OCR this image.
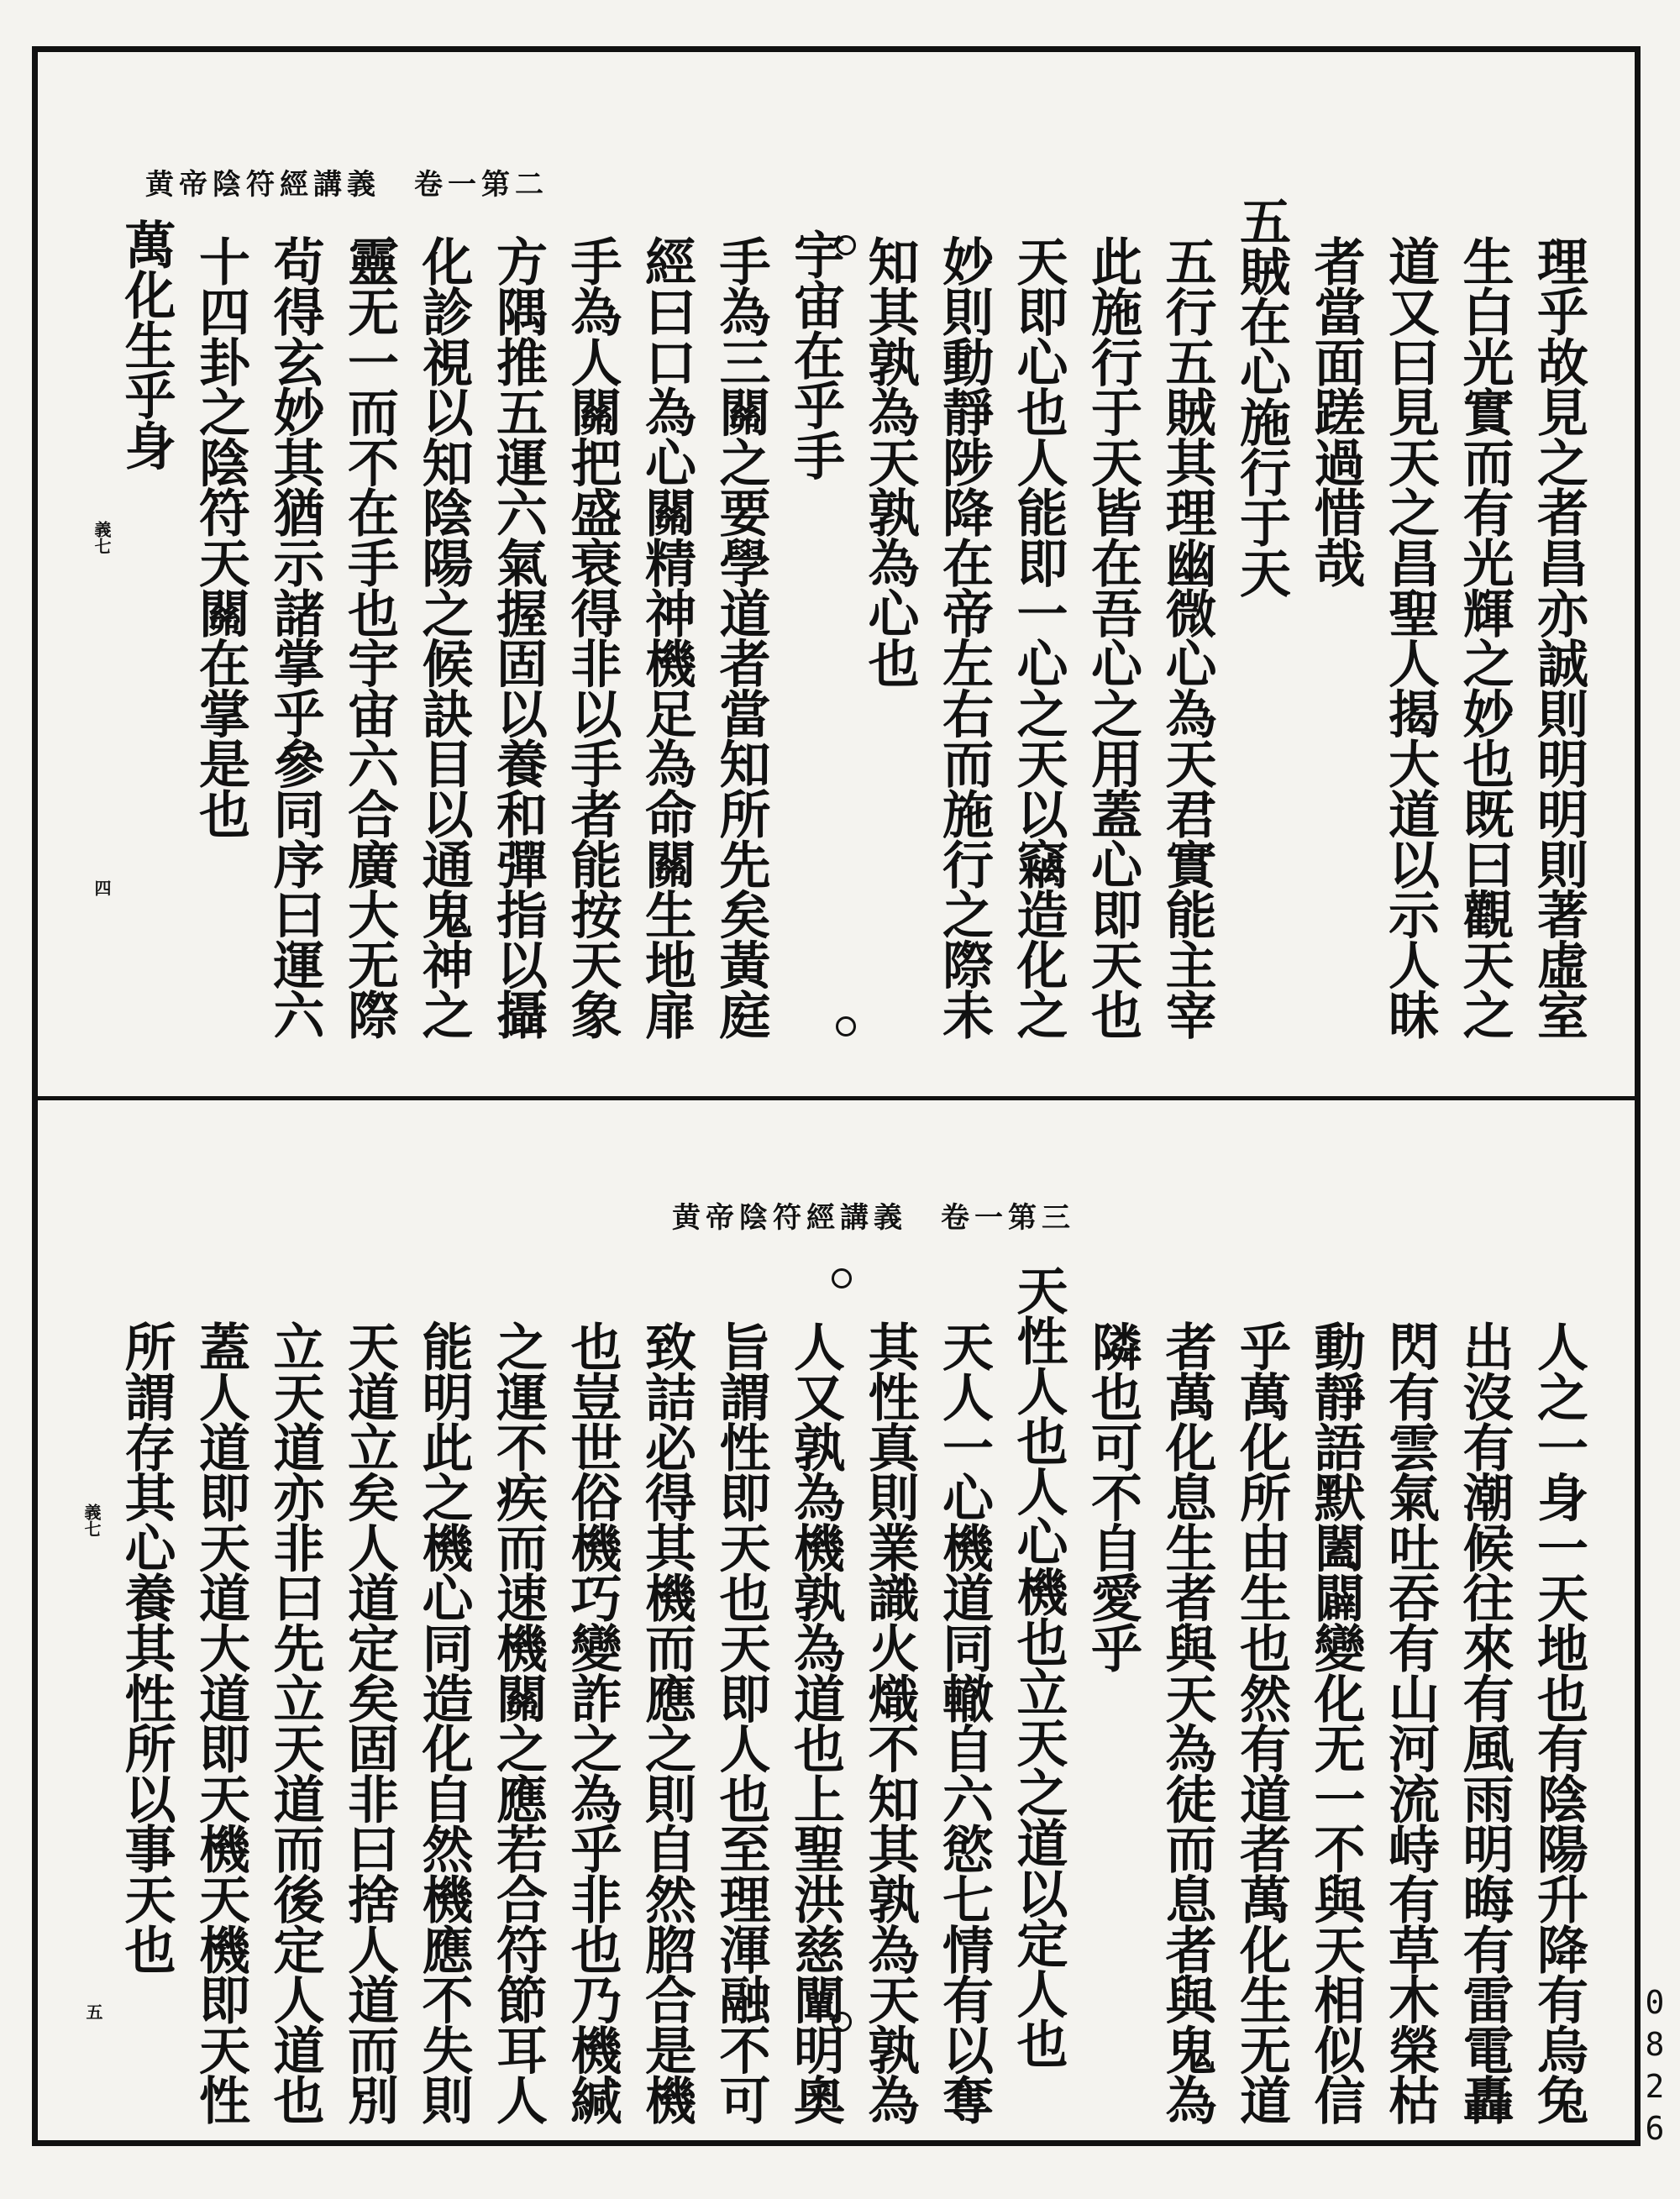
黄帝陰符經講義　卷一第二
理乎故見之者昌亦誠則明明則著虛室
生白光實而有光輝之妙也既曰觀天之
道又曰見天之昌聖人揭大道以示人昧
者當面蹉過惜哉
五賊在心施行于天
五行五賊其理幽微心為天君實能主宰
此施行于天皆在吾心之用蓋心即天也
天即心也人能即一心之天以竊造化之
妙則動靜陟降在帝左右而施行之際未
知其孰為天孰為心也
宇宙在乎手
手為三關之要學道者當知所先矣黃庭
經曰口為心關精神機足為命關生地扉
手為人關把盛衰得非以手者能按天象
方隅推五運六氣握固以養和彈指以攝
化診視以知陰陽之候訣目以通鬼神之
靈无一而不在手也宇宙六合廣大无際
茍得玄妙其猶示諸掌乎參同序曰運六
十四卦之陰符天關在掌是也
萬化生乎身
義七
四
黄帝陰符經講義　卷一第三
人之一身一天地也有陰陽升降有烏兔
出沒有潮候往來有風雨明晦有雷電轟
閃有雲氣吐吞有山河流峙有草木榮枯
動靜語默闔闢變化无一不與天相似信
乎萬化所由生也然有道者萬化生无道
者萬化息生者與天為徒而息者與鬼為
隣也可不自愛乎
天性人也人心機也立天之道以定人也
天人一心機道同轍自六慾七情有以奪
其性真則業識火熾不知其孰為天孰為
人又孰為機孰為道也上聖洪慈闡明奧
旨謂性即天也天即人也至理渾融不可
致詰必得其機而應之則自然脗合是機
也豈世俗機巧變詐之為乎非也乃機緘
之運不疾而速機關之應若合符節耳人
能明此之機心同造化自然機應不失則
天道立矣人道定矣固非曰捨人道而別
立天道亦非曰先立天道而後定人道也
蓋人道即天道大道即天機天機即天性
所謂存其心養其性所以事天也
義七
五	0826
